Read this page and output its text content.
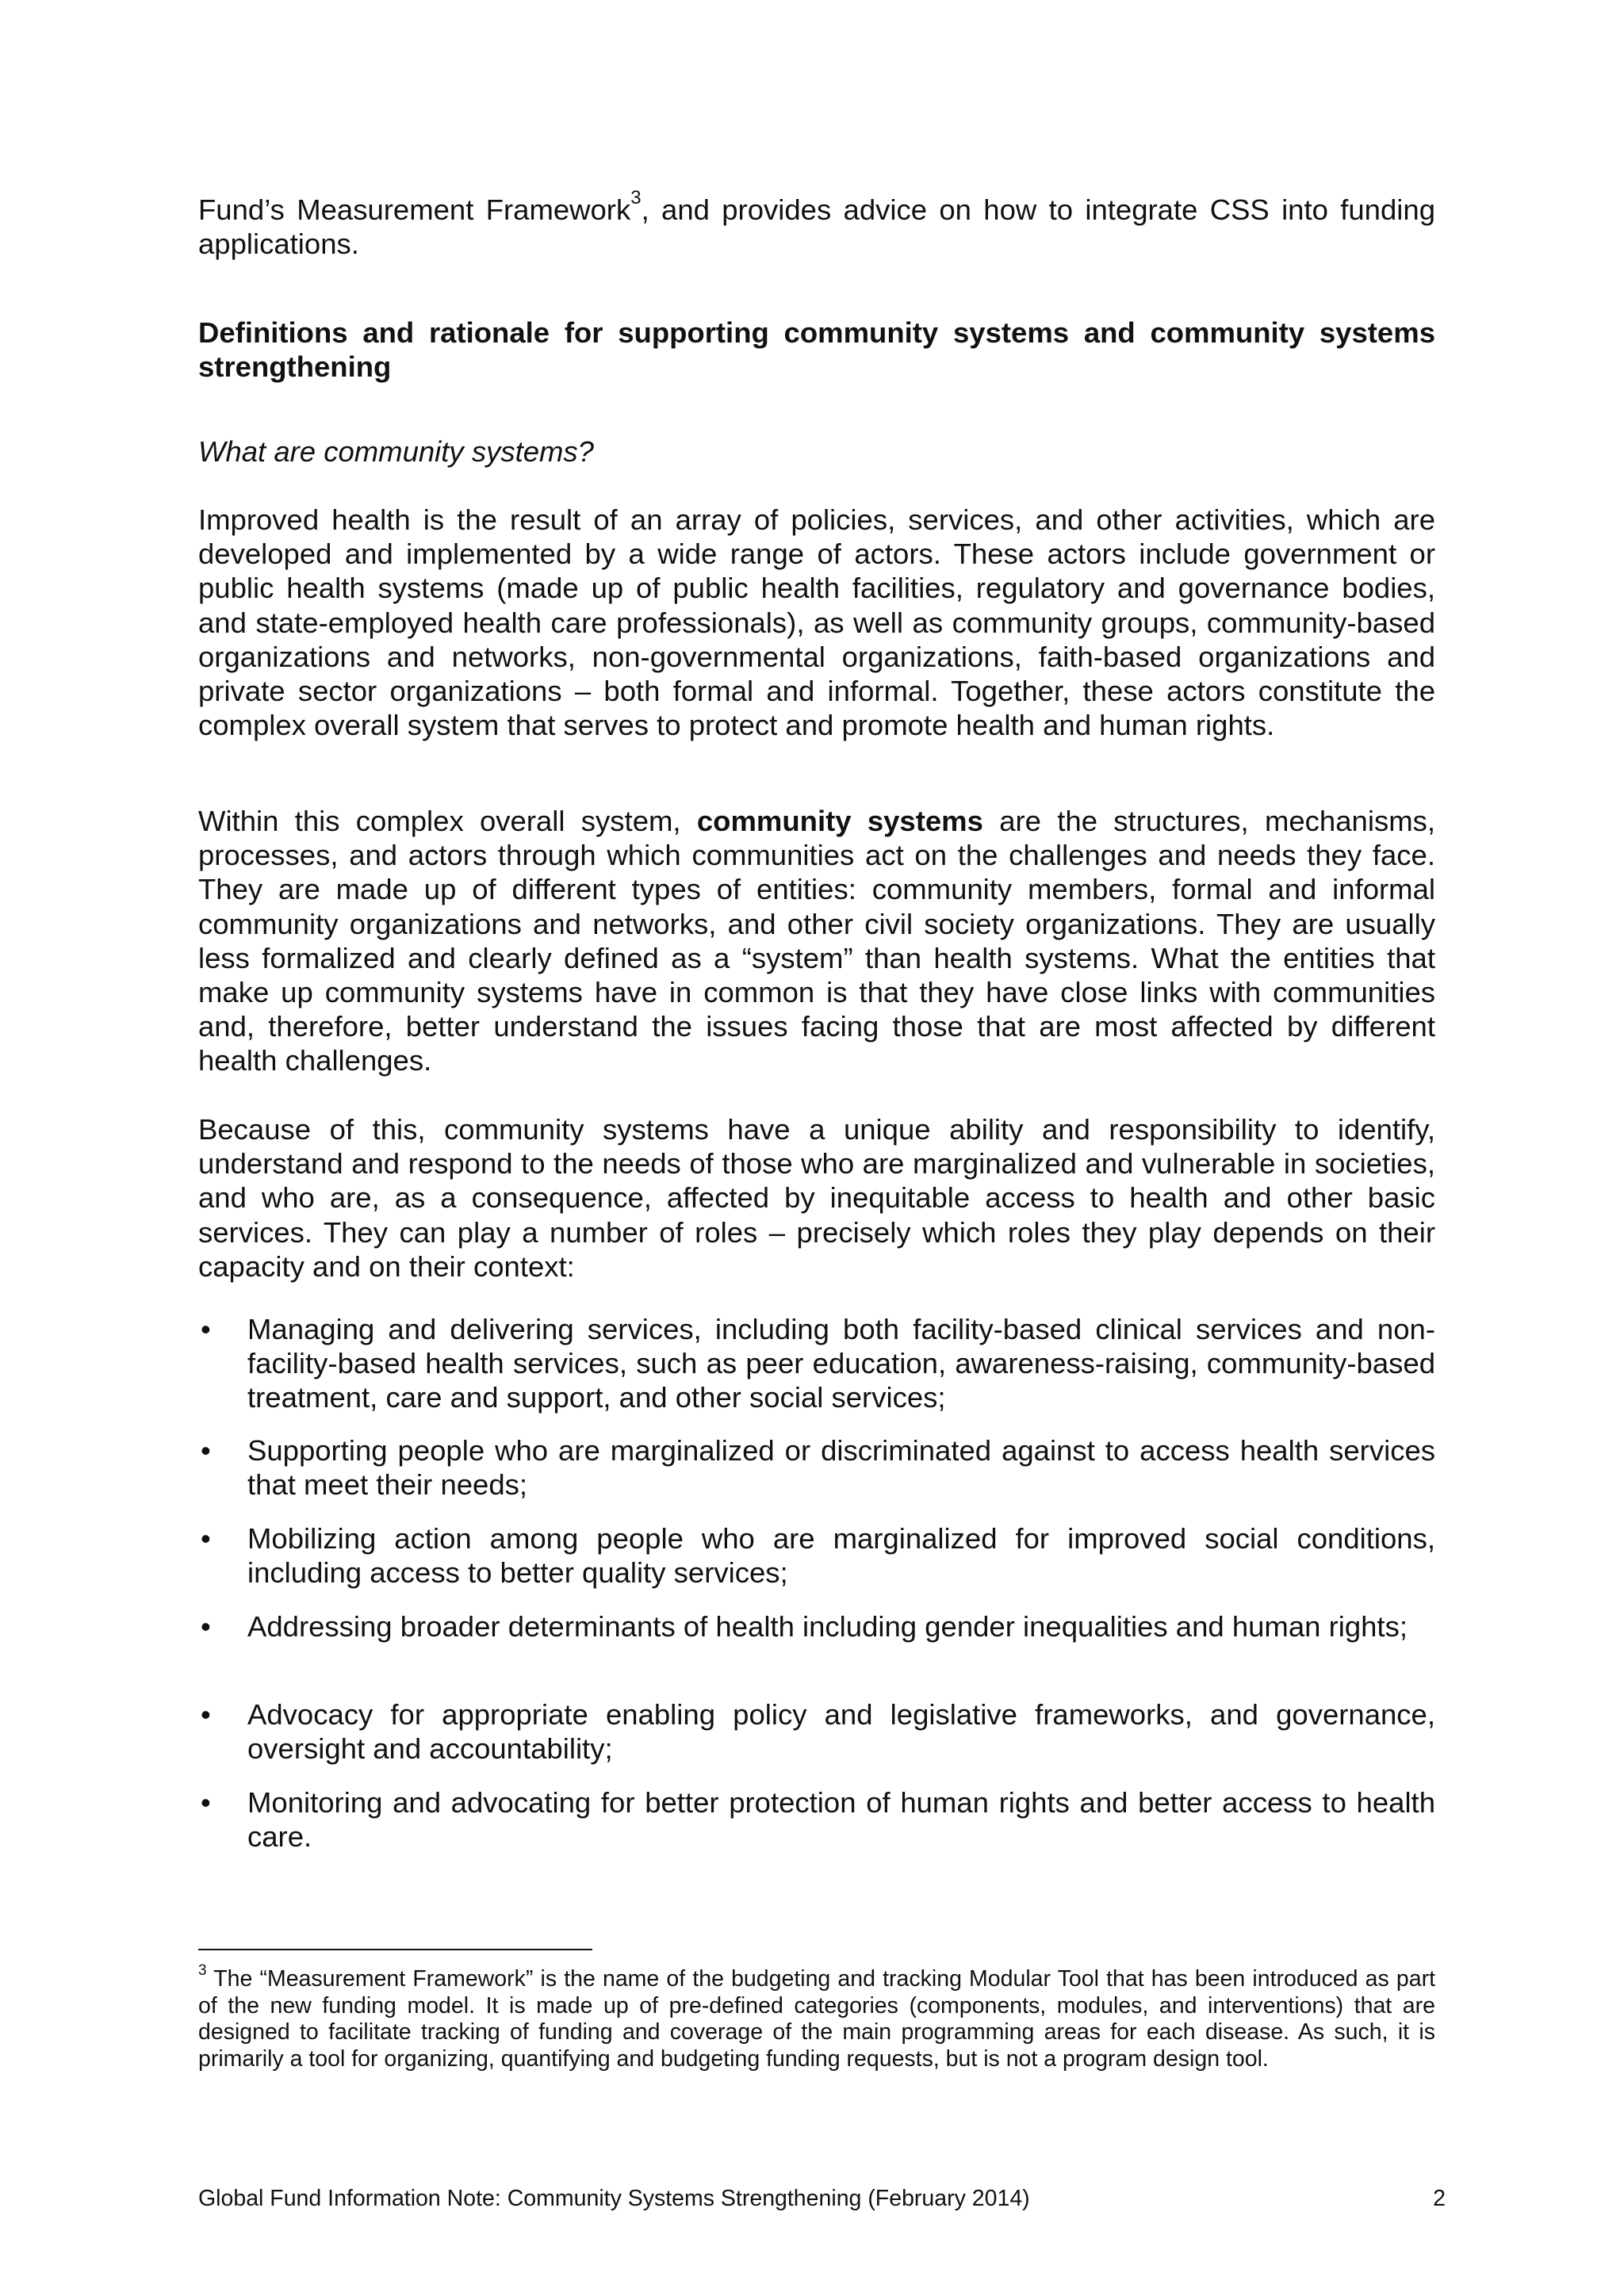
Fund’s Measurement Framework$^3$, and provides advice on how to integrate CSS into funding applications.

Definitions and rationale for supporting community systems and community systems strengthening

What are community systems?

Improved health is the result of an array of policies, services, and other activities, which are developed and implemented by a wide range of actors. These actors include government or public health systems (made up of public health facilities, regulatory and governance bodies, and state-employed health care professionals), as well as community groups, community-based organizations and networks, non-governmental organizations, faith-based organizations and private sector organizations – both formal and informal. Together, these actors constitute the complex overall system that serves to protect and promote health and human rights.

Within this complex overall system, community systems are the structures, mechanisms, processes, and actors through which communities act on the challenges and needs they face. They are made up of different types of entities: community members, formal and informal community organizations and networks, and other civil society organizations. They are usually less formalized and clearly defined as a “system” than health systems. What the entities that make up community systems have in common is that they have close links with communities and, therefore, better understand the issues facing those that are most affected by different health challenges.

Because of this, community systems have a unique ability and responsibility to identify, understand and respond to the needs of those who are marginalized and vulnerable in societies, and who are, as a consequence, affected by inequitable access to health and other basic services. They can play a number of roles – precisely which roles they play depends on their capacity and on their context:

• Managing and delivering services, including both facility-based clinical services and non-facility-based health services, such as peer education, awareness-raising, community-based treatment, care and support, and other social services;
• Supporting people who are marginalized or discriminated against to access health services that meet their needs;
• Mobilizing action among people who are marginalized for improved social conditions, including access to better quality services;
• Addressing broader determinants of health including gender inequalities and human rights;
• Advocacy for appropriate enabling policy and legislative frameworks, and governance, oversight and accountability;
• Monitoring and advocating for better protection of human rights and better access to health care.

$^3$ The “Measurement Framework” is the name of the budgeting and tracking Modular Tool that has been introduced as part of the new funding model. It is made up of pre-defined categories (components, modules, and interventions) that are designed to facilitate tracking of funding and coverage of the main programming areas for each disease. As such, it is primarily a tool for organizing, quantifying and budgeting funding requests, but is not a program design tool.

Global Fund Information Note: Community Systems Strengthening (February 2014)	2
